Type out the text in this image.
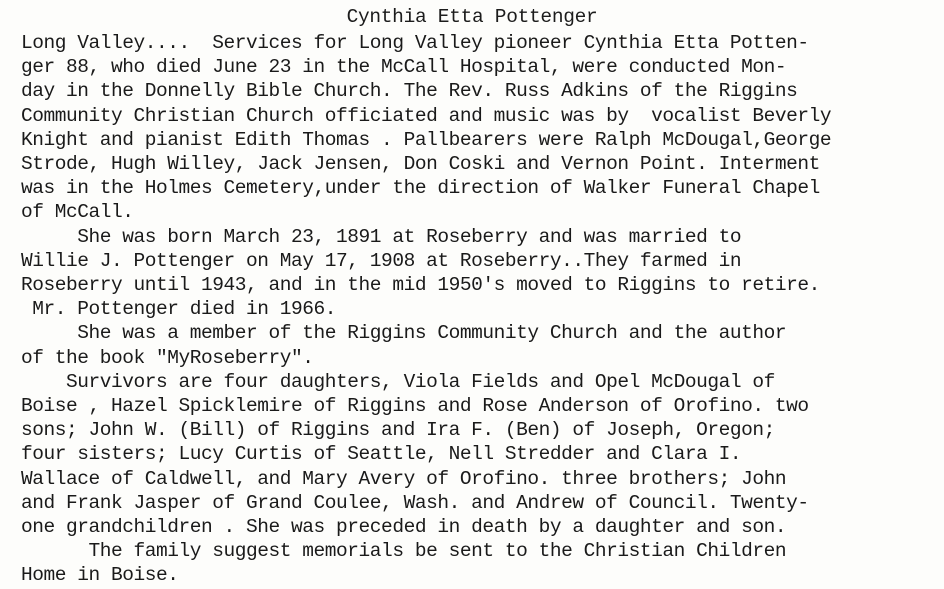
Cynthia Etta Pottenger
Long Valley....  Services for Long Valley pioneer Cynthia Etta Potten-
ger 88, who died June 23 in the McCall Hospital, were conducted Mon-
day in the Donnelly Bible Church. The Rev. Russ Adkins of the Riggins
Community Christian Church officiated and music was by  vocalist Beverly
Knight and pianist Edith Thomas . Pallbearers were Ralph McDougal,George
Strode, Hugh Willey, Jack Jensen, Don Coski and Vernon Point. Interment
was in the Holmes Cemetery,under the direction of Walker Funeral Chapel
of McCall.
She was born March 23, 1891 at Roseberry and was married to
Willie J. Pottenger on May 17, 1908 at Roseberry..They farmed in
Roseberry until 1943, and in the mid 1950's moved to Riggins to retire.
Mr. Pottenger died in 1966.
She was a member of the Riggins Community Church and the author
of the book "MyRoseberry".
Survivors are four daughters, Viola Fields and Opel McDougal of
Boise , Hazel Spicklemire of Riggins and Rose Anderson of Orofino. two
sons; John W. (Bill) of Riggins and Ira F. (Ben) of Joseph, Oregon;
four sisters; Lucy Curtis of Seattle, Nell Stredder and Clara I.
Wallace of Caldwell, and Mary Avery of Orofino. three brothers; John
and Frank Jasper of Grand Coulee, Wash. and Andrew of Council. Twenty-
one grandchildren . She was preceded in death by a daughter and son.
The family suggest memorials be sent to the Christian Children
Home in Boise.
